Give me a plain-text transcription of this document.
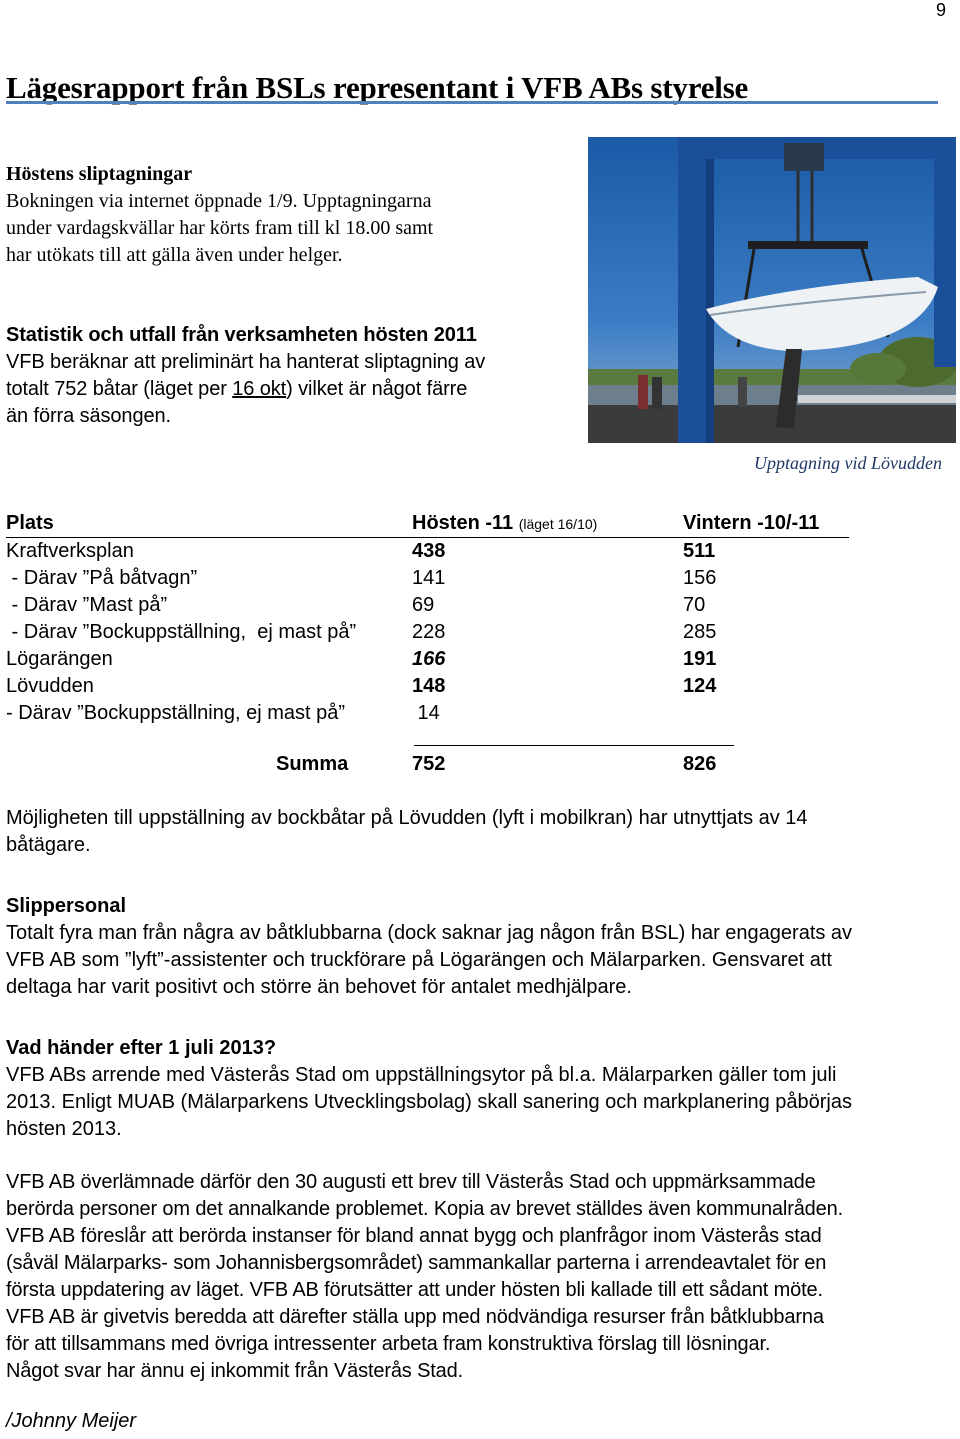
9
Lägesrapport från BSLs representant i VFB ABs styrelse
Höstens sliptagningar
Bokningen via internet öppnade 1/9. Upptagningarna
under vardagskvällar har körts fram till kl 18.00 samt
har utökats till att gälla även under helger.
Statistik och utfall från verksamheten hösten 2011
VFB beräknar att preliminärt ha hanterat sliptagning av
totalt 752 båtar (läget per 16 okt) vilket är något färre
än förra säsongen.
Upptagning vid Lövudden
Plats	Hösten -11 (läget 16/10)	Vintern -10/-11
Kraftverksplan	438	511
- Därav ”På båtvagn”	141	156
- Därav ”Mast på”	69	70
- Därav ”Bockuppställning,  ej mast på”	228	285
Lögarängen	166	191
Lövudden	148	124
- Därav ”Bockuppställning, ej mast på”	14
Summa	752	826
Möjligheten till uppställning av bockbåtar på Lövudden (lyft i mobilkran) har utnyttjats av 14
båtägare.
Slippersonal
Totalt fyra man från några av båtklubbarna (dock saknar jag någon från BSL) har engagerats av
VFB AB som ”lyft”-assistenter och truckförare på Lögarängen och Mälarparken. Gensvaret att
deltaga har varit positivt och större än behovet för antalet medhjälpare.
Vad händer efter 1 juli 2013?
VFB ABs arrende med Västerås Stad om uppställningsytor på bl.a. Mälarparken gäller tom juli
2013. Enligt MUAB (Mälarparkens Utvecklingsbolag) skall sanering och markplanering påbörjas
hösten 2013.
VFB AB överlämnade därför den 30 augusti ett brev till Västerås Stad och uppmärksammade
berörda personer om det annalkande problemet. Kopia av brevet ställdes även kommunalråden.
VFB AB föreslår att berörda instanser för bland annat bygg och planfrågor inom Västerås stad
(såväl Mälarparks- som Johannisbergsområdet) sammankallar parterna i arrendeavtalet för en
första uppdatering av läget. VFB AB förutsätter att under hösten bli kallade till ett sådant möte.
VFB AB är givetvis beredda att därefter ställa upp med nödvändiga resurser från båtklubbarna
för att tillsammans med övriga intressenter arbeta fram konstruktiva förslag till lösningar.
Något svar har ännu ej inkommit från Västerås Stad.
/Johnny Meijer
